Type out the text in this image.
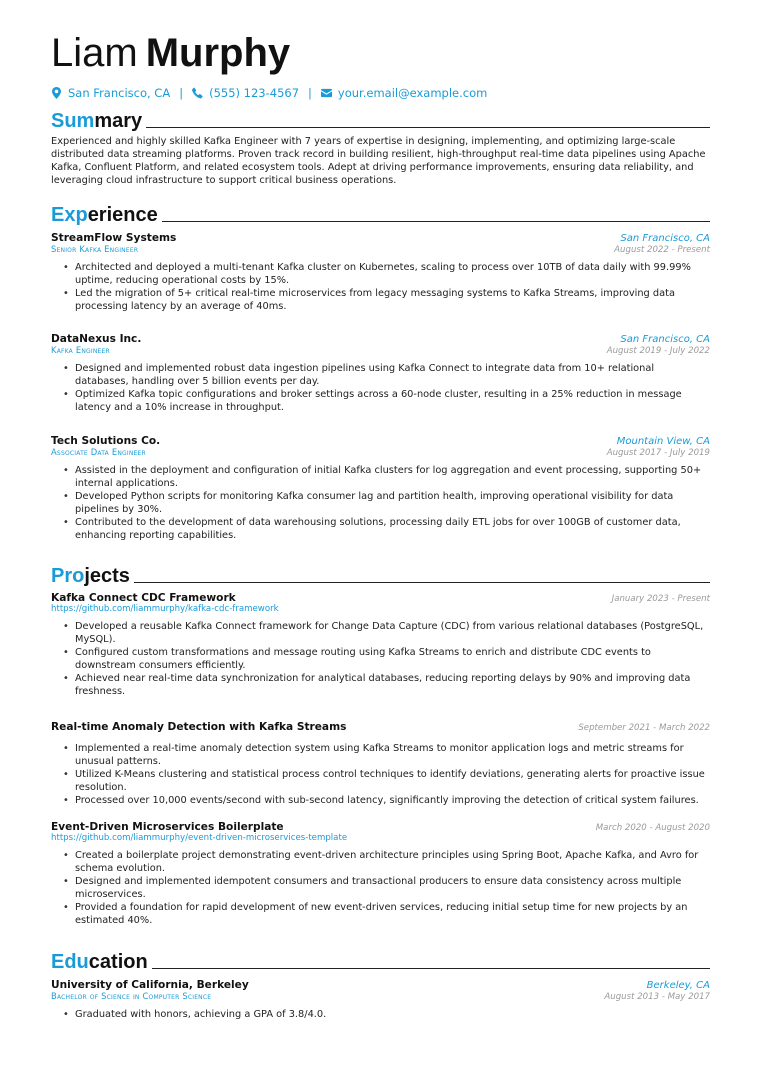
Liam Murphy
San Francisco, CA | (555) 123-4567 | your.email@example.com
Summary
Experienced and highly skilled Kafka Engineer with 7 years of expertise in designing, implementing, and optimizing large-scale distributed data streaming platforms. Proven track record in building resilient, high-throughput real-time data pipelines using Apache Kafka, Confluent Platform, and related ecosystem tools. Adept at driving performance improvements, ensuring data reliability, and leveraging cloud infrastructure to support critical business operations.
Experience
StreamFlow Systems	San Francisco, CA
Senior Kafka Engineer	August 2022 - Present
• Architected and deployed a multi-tenant Kafka cluster on Kubernetes, scaling to process over 10TB of data daily with 99.99% uptime, reducing operational costs by 15%.
• Led the migration of 5+ critical real-time microservices from legacy messaging systems to Kafka Streams, improving data processing latency by an average of 40ms.
DataNexus Inc.	San Francisco, CA
Kafka Engineer	August 2019 - July 2022
• Designed and implemented robust data ingestion pipelines using Kafka Connect to integrate data from 10+ relational databases, handling over 5 billion events per day.
• Optimized Kafka topic configurations and broker settings across a 60-node cluster, resulting in a 25% reduction in message latency and a 10% increase in throughput.
Tech Solutions Co.	Mountain View, CA
Associate Data Engineer	August 2017 - July 2019
• Assisted in the deployment and configuration of initial Kafka clusters for log aggregation and event processing, supporting 50+ internal applications.
• Developed Python scripts for monitoring Kafka consumer lag and partition health, improving operational visibility for data pipelines by 30%.
• Contributed to the development of data warehousing solutions, processing daily ETL jobs for over 100GB of customer data, enhancing reporting capabilities.
Projects
Kafka Connect CDC Framework	January 2023 - Present
https://github.com/liammurphy/kafka-cdc-framework
• Developed a reusable Kafka Connect framework for Change Data Capture (CDC) from various relational databases (PostgreSQL, MySQL).
• Configured custom transformations and message routing using Kafka Streams to enrich and distribute CDC events to downstream consumers efficiently.
• Achieved near real-time data synchronization for analytical databases, reducing reporting delays by 90% and improving data freshness.
Real-time Anomaly Detection with Kafka Streams	September 2021 - March 2022
• Implemented a real-time anomaly detection system using Kafka Streams to monitor application logs and metric streams for unusual patterns.
• Utilized K-Means clustering and statistical process control techniques to identify deviations, generating alerts for proactive issue resolution.
• Processed over 10,000 events/second with sub-second latency, significantly improving the detection of critical system failures.
Event-Driven Microservices Boilerplate	March 2020 - August 2020
https://github.com/liammurphy/event-driven-microservices-template
• Created a boilerplate project demonstrating event-driven architecture principles using Spring Boot, Apache Kafka, and Avro for schema evolution.
• Designed and implemented idempotent consumers and transactional producers to ensure data consistency across multiple microservices.
• Provided a foundation for rapid development of new event-driven services, reducing initial setup time for new projects by an estimated 40%.
Education
University of California, Berkeley	Berkeley, CA
Bachelor of Science in Computer Science	August 2013 - May 2017
• Graduated with honors, achieving a GPA of 3.8/4.0.
